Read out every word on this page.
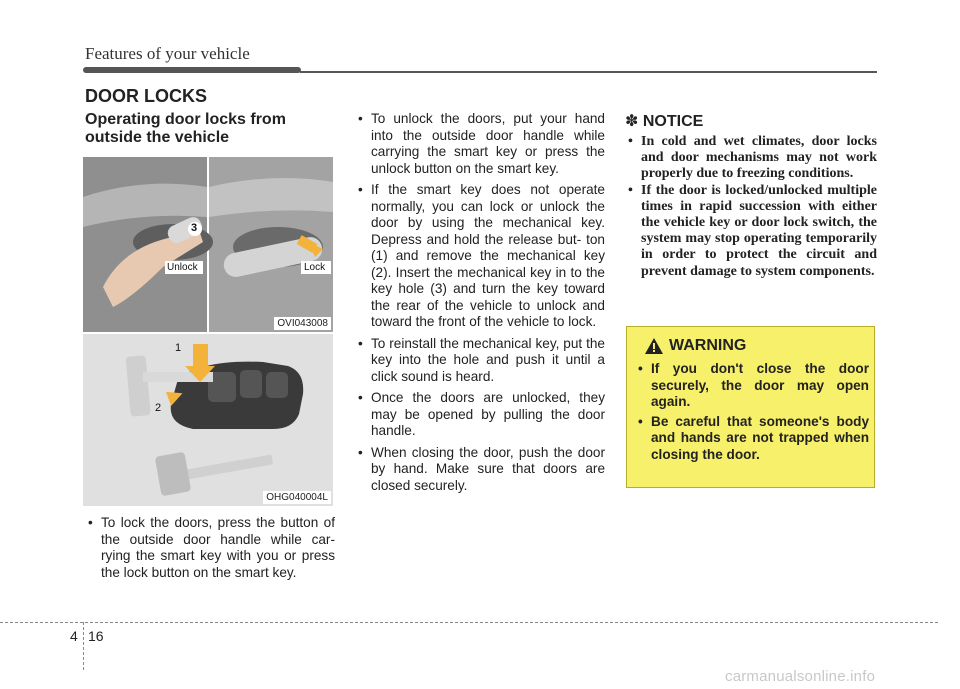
Features of your vehicle
DOOR LOCKS
Operating door locks from outside the vehicle
3
Unlock	Lock
OVI043008
1
2
OHG040004L
• To lock the doors, press the button of the outside door handle while car- rying the smart key with you or press the lock button on the smart key.
• To unlock the doors, put your hand into the outside door handle while carrying the smart key or press the unlock button on the smart key.
• If the smart key does not operate normally, you can lock or unlock the door by using the mechanical key. Depress and hold the release but- ton (1) and remove the mechanical key (2). Insert the mechanical key in to the key hole (3) and turn the key toward the rear of the vehicle to unlock and toward the front of the vehicle to lock.
• To reinstall the mechanical key, put the key into the hole and push it until a click sound is heard.
• Once the doors are unlocked, they may be opened by pulling the door handle.
• When closing the door, push the door by hand. Make sure that doors are closed securely.
✽ NOTICE
• In cold and wet climates, door locks and door mechanisms may not work properly due to freezing conditions.
• If the door is locked/unlocked multiple times in rapid succession with either the vehicle key or door lock switch, the system may stop operating temporarily in order to protect the circuit and prevent damage to system components.
WARNING
• If you don't close the door securely, the door may open again.
• Be careful that someone's body and hands are not trapped when closing the door.
4 16
carmanualsonline.info
